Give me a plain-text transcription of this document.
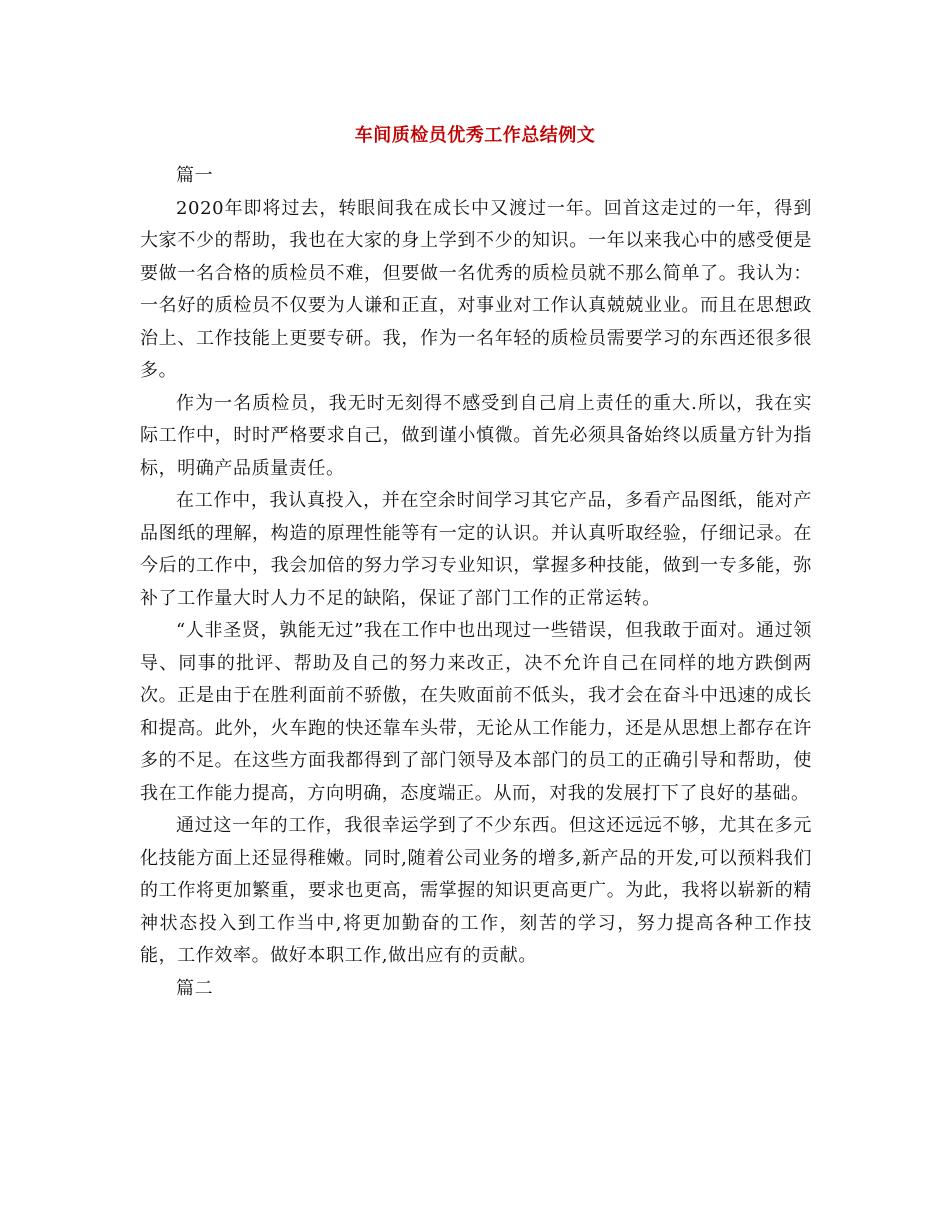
车间质检员优秀工作总结例文

篇一

2020年即将过去，转眼间我在成长中又渡过一年。回首这走过的一年，得到大家不少的帮助，我也在大家的身上学到不少的知识。一年以来我心中的感受便是要做一名合格的质检员不难，但要做一名优秀的质检员就不那么简单了。我认为：一名好的质检员不仅要为人谦和正直，对事业对工作认真兢兢业业。而且在思想政治上、工作技能上更要专研。我，作为一名年轻的质检员需要学习的东西还很多很多。

作为一名质检员，我无时无刻得不感受到自己肩上责任的重大.所以，我在实际工作中，时时严格要求自己，做到谨小慎微。首先必须具备始终以质量方针为指标，明确产品质量责任。

在工作中，我认真投入，并在空余时间学习其它产品，多看产品图纸，能对产品图纸的理解，构造的原理性能等有一定的认识。并认真听取经验，仔细记录。在今后的工作中，我会加倍的努力学习专业知识，掌握多种技能，做到一专多能，弥补了工作量大时人力不足的缺陷，保证了部门工作的正常运转。

“人非圣贤，孰能无过”我在工作中也出现过一些错误，但我敢于面对。通过领导、同事的批评、帮助及自己的努力来改正，决不允许自己在同样的地方跌倒两次。正是由于在胜利面前不骄傲，在失败面前不低头，我才会在奋斗中迅速的成长和提高。此外，火车跑的快还靠车头带，无论从工作能力，还是从思想上都存在许多的不足。在这些方面我都得到了部门领导及本部门的员工的正确引导和帮助，使我在工作能力提高，方向明确，态度端正。从而，对我的发展打下了良好的基础。

通过这一年的工作，我很幸运学到了不少东西。但这还远远不够，尤其在多元化技能方面上还显得稚嫩。同时,随着公司业务的增多,新产品的开发,可以预料我们的工作将更加繁重，要求也更高，需掌握的知识更高更广。为此，我将以崭新的精神状态投入到工作当中,将更加勤奋的工作，刻苦的学习，努力提高各种工作技能，工作效率。做好本职工作,做出应有的贡献。

篇二
